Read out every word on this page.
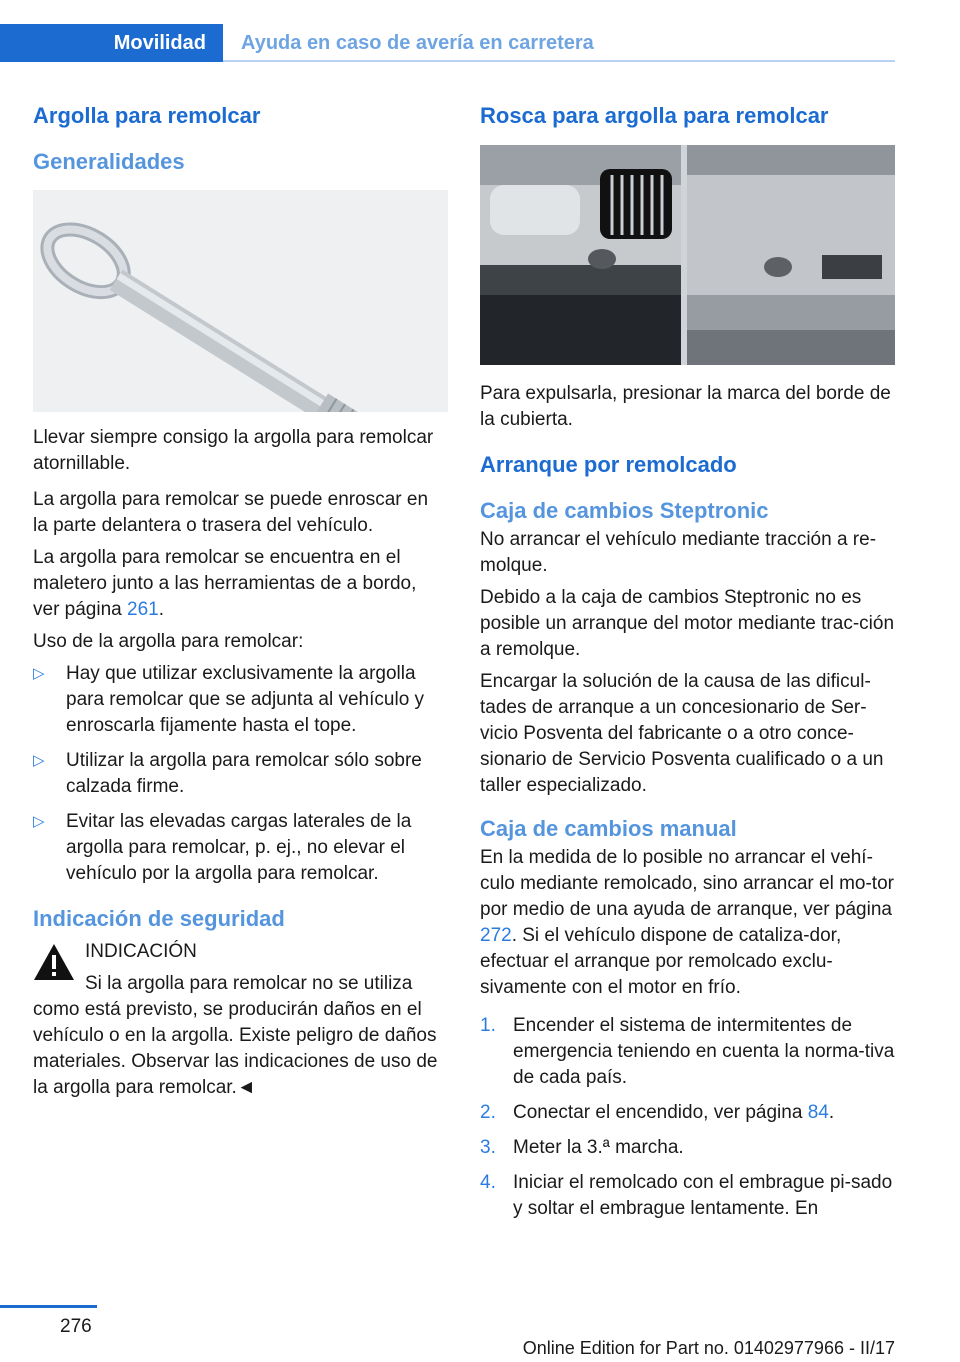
Movilidad	Ayuda en caso de avería en carretera
Argolla para remolcar
Generalidades

Llevar siempre consigo la argolla para remolcar atornillable.

La argolla para remolcar se puede enroscar en la parte delantera o trasera del vehículo.

La argolla para remolcar se encuentra en el maletero junto a las herramientas de a bordo, ver página 261.

Uso de la argolla para remolcar:

▷ Hay que utilizar exclusivamente la argolla para remolcar que se adjunta al vehículo y enroscarla fijamente hasta el tope.
▷ Utilizar la argolla para remolcar sólo sobre calzada firme.
▷ Evitar las elevadas cargas laterales de la argolla para remolcar, p. ej., no elevar el vehículo por la argolla para remolcar.
Indicación de seguridad

INDICACIÓN

Si la argolla para remolcar no se utiliza

como está previsto, se producirán daños en el vehículo o en la argolla. Existe peligro de daños materiales. Observar las indicaciones de uso de la argolla para remolcar.◄

Rosca para argolla para remolcar

Para expulsarla, presionar la marca del borde de la cubierta.

Arranque por remolcado
Caja de cambios Steptronic

No arrancar el vehículo mediante tracción a re‐molque.

Debido a la caja de cambios Steptronic no es posible un arranque del motor mediante trac‐ción a remolque.

Encargar la solución de la causa de las dificul‐tades de arranque a un concesionario de Ser‐vicio Posventa del fabricante o a otro conce‐sionario de Servicio Posventa cualificado o a un taller especializado.

Caja de cambios manual

En la medida de lo posible no arrancar el vehí‐culo mediante remolcado, sino arrancar el mo‐tor por medio de una ayuda de arranque, ver página 272. Si el vehículo dispone de cataliza‐dor, efectuar el arranque por remolcado exclu‐sivamente con el motor en frío.

1. Encender el sistema de intermitentes de emergencia teniendo en cuenta la norma‐tiva de cada país.
2. Conectar el encendido, ver página 84.
3. Meter la 3.ª marcha.
4. Iniciar el remolcado con el embrague pi‐sado y soltar el embrague lentamente. En
276
Online Edition for Part no. 01402977966 - II/17
